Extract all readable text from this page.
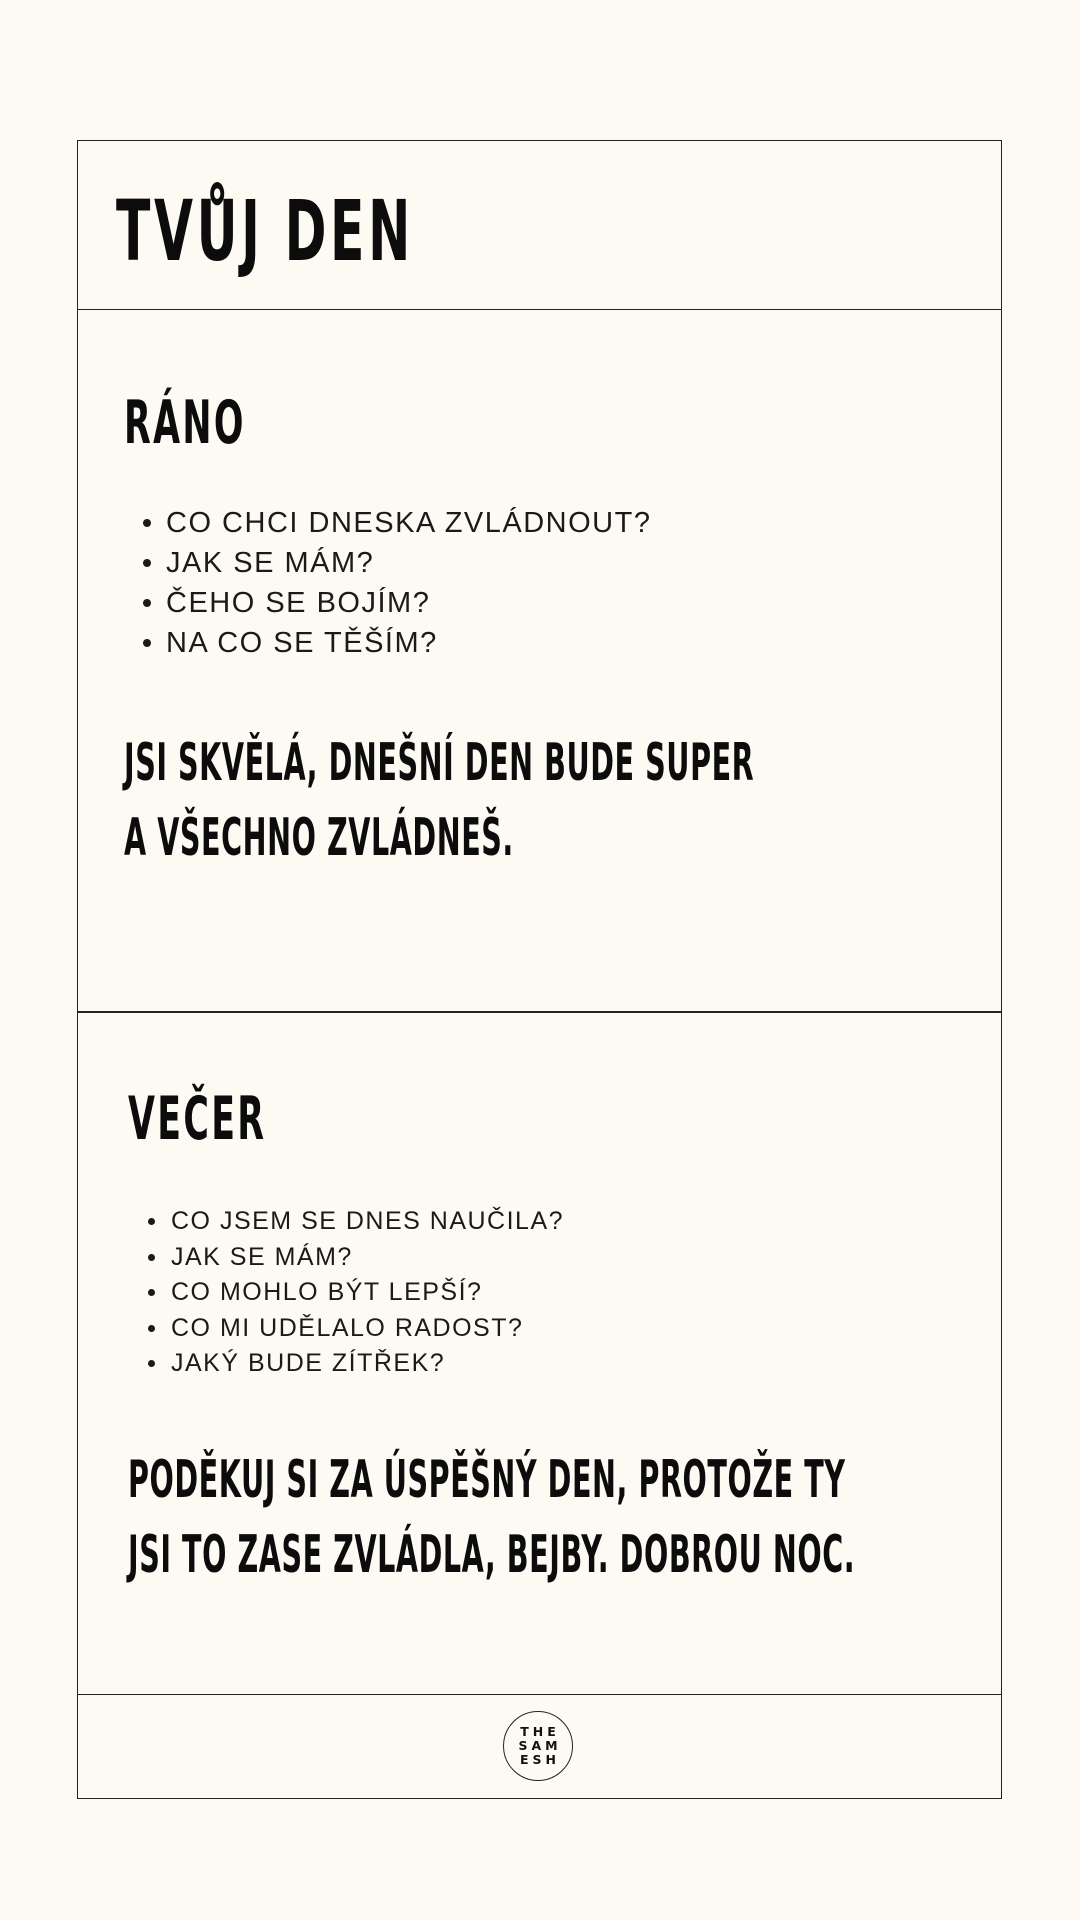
TVŮJ DEN
RÁNO
CO CHCI DNESKA ZVLÁDNOUT?
JAK SE MÁM?
ČEHO SE BOJÍM?
NA CO SE TĚŠÍM?
JSI SKVĚLÁ, DNEŠNÍ DEN BUDE SUPER
A VŠECHNO ZVLÁDNEŠ.
VEČER
CO JSEM SE DNES NAUČILA?
JAK SE MÁM?
CO MOHLO BÝT LEPŠÍ?
CO MI UDĚLALO RADOST?
JAKÝ BUDE ZÍTŘEK?
PODĚKUJ SI ZA ÚSPĚŠNÝ DEN, PROTOŽE TY
JSI TO ZASE ZVLÁDLA, BEJBY. DOBROU NOC.
THE
SAM
ESH
